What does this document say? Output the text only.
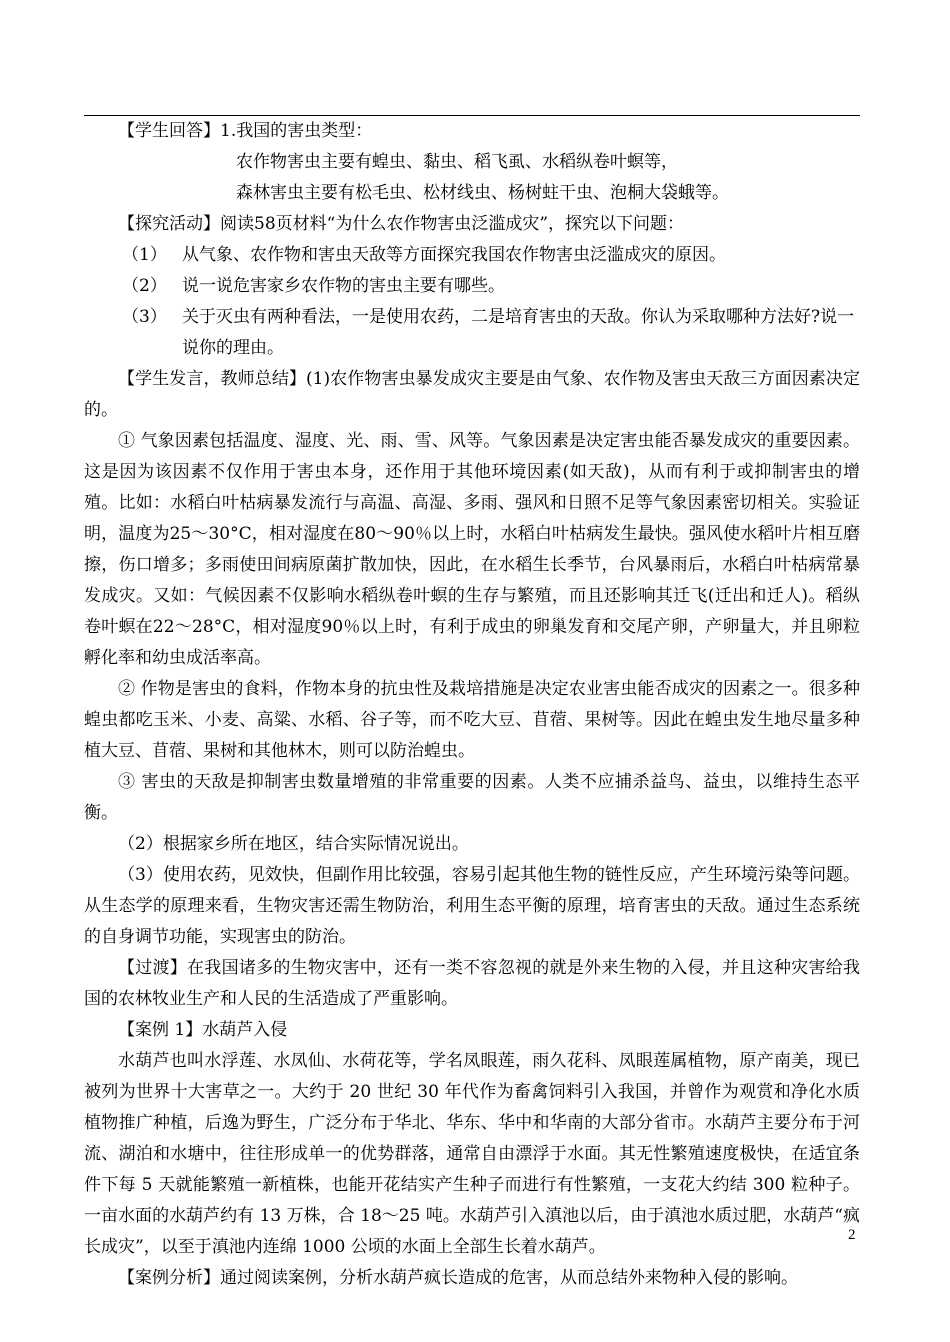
【学生回答】1.我国的害虫类型：

农作物害虫主要有蝗虫、黏虫、稻飞虱、水稻纵卷叶螟等，

森林害虫主要有松毛虫、松材线虫、杨树蛀干虫、泡桐大袋蛾等。

【探究活动】阅读58页材料“为什么农作物害虫泛滥成灾”，探究以下问题：

（1） 从气象、农作物和害虫天敌等方面探究我国农作物害虫泛滥成灾的原因。
（2） 说一说危害家乡农作物的害虫主要有哪些。
（3） 关于灭虫有两种看法，一是使用农药，二是培育害虫的天敌。你认为采取哪种方法好?说一说你的理由。

【学生发言，教师总结】(1)农作物害虫暴发成灾主要是由气象、农作物及害虫天敌三方面因素决定的。

① 气象因素包括温度、湿度、光、雨、雪、风等。气象因素是决定害虫能否暴发成灾的重要因素。这是因为该因素不仅作用于害虫本身，还作用于其他环境因素(如天敌)，从而有利于或抑制害虫的增殖。比如：水稻白叶枯病暴发流行与高温、高湿、多雨、强风和日照不足等气象因素密切相关。实验证明，温度为25～30°C，相对湿度在80～90％以上时，水稻白叶枯病发生最快。强风使水稻叶片相互磨擦，伤口增多；多雨使田间病原菌扩散加快，因此，在水稻生长季节，台风暴雨后，水稻白叶枯病常暴发成灾。又如：气候因素不仅影响水稻纵卷叶螟的生存与繁殖，而且还影响其迁飞(迁出和迁人)。稻纵卷叶螟在22～28°C，相对湿度90％以上时，有利于成虫的卵巢发育和交尾产卵，产卵量大，并且卵粒孵化率和幼虫成活率高。

② 作物是害虫的食料，作物本身的抗虫性及栽培措施是决定农业害虫能否成灾的因素之一。很多种蝗虫都吃玉米、小麦、高粱、水稻、谷子等，而不吃大豆、苜蓿、果树等。因此在蝗虫发生地尽量多种植大豆、苜蓿、果树和其他林木，则可以防治蝗虫。

③ 害虫的天敌是抑制害虫数量增殖的非常重要的因素。人类不应捕杀益鸟、益虫，以维持生态平衡。

（2）根据家乡所在地区，结合实际情况说出。

（3）使用农药，见效快，但副作用比较强，容易引起其他生物的链性反应，产生环境污染等问题。从生态学的原理来看，生物灾害还需生物防治，利用生态平衡的原理，培育害虫的天敌。通过生态系统的自身调节功能，实现害虫的防治。

【过渡】在我国诸多的生物灾害中，还有一类不容忽视的就是外来生物的入侵，并且这种灾害给我国的农林牧业生产和人民的生活造成了严重影响。

【案例 1】水葫芦入侵

水葫芦也叫水浮莲、水凤仙、水荷花等，学名凤眼莲，雨久花科、凤眼莲属植物，原产南美，现已被列为世界十大害草之一。大约于 20 世纪 30 年代作为畜禽饲料引入我国，并曾作为观赏和净化水质植物推广种植，后逸为野生，广泛分布于华北、华东、华中和华南的大部分省市。水葫芦主要分布于河流、湖泊和水塘中，往往形成单一的优势群落，通常自由漂浮于水面。其无性繁殖速度极快，在适宜条件下每 5 天就能繁殖一新植株，也能开花结实产生种子而进行有性繁殖，一支花大约结 300 粒种子。一亩水面的水葫芦约有 13 万株，合 18～25 吨。水葫芦引入滇池以后，由于滇池水质过肥，水葫芦“疯长成灾”，以至于滇池内连绵 1000 公顷的水面上全部生长着水葫芦。

【案例分析】通过阅读案例，分析水葫芦疯长造成的危害，从而总结外来物种入侵的影响。

2
